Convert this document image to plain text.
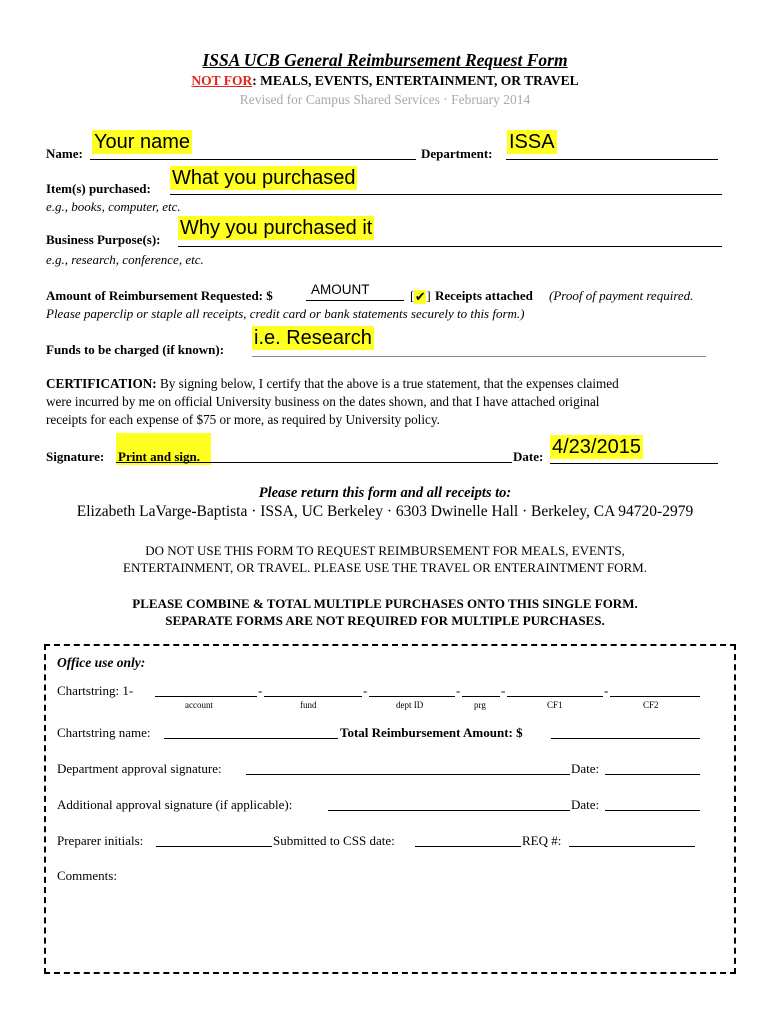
ISSA UCB General Reimbursement Request Form
NOT FOR: MEALS, EVENTS, ENTERTAINMENT, OR TRAVEL
Revised for Campus Shared Services · February 2014
Name:
Your name
Department:
ISSA
Item(s) purchased: What you purchased
e.g., books, computer, etc.
Business Purpose(s):
Why you purchased it
e.g., research, conference, etc.
Amount of Reimbursement Requested: $	AMOUNT	[✔] Receipts attached (Proof of payment required.
Please paperclip or staple all receipts, credit card or bank statements securely to this form.)
Funds to be charged (if known):
i.e. Research
CERTIFICATION: By signing below, I certify that the above is a true statement, that the expenses claimed
were incurred by me on official University business on the dates shown, and that I have attached original
receipts for each expense of $75 or more, as required by University policy.
Signature: Print and sign.	Date: 4/23/2015
Please return this form and all receipts to:
Elizabeth LaVarge-Baptista · ISSA, UC Berkeley · 6303 Dwinelle Hall · Berkeley, CA 94720-2979
DO NOT USE THIS FORM TO REQUEST REIMBURSEMENT FOR MEALS, EVENTS,
ENTERTAINMENT, OR TRAVEL. PLEASE USE THE TRAVEL OR ENTERAINTMENT FORM.
PLEASE COMBINE & TOTAL MULTIPLE PURCHASES ONTO THIS SINGLE FORM.
SEPARATE FORMS ARE NOT REQUIRED FOR MULTIPLE PURCHASES.
Office use only:
Chartstring: 1-	-	-	-	-	-
account	fund	dept ID	prg	CF1	CF2
Chartstring name:	Total Reimbursement Amount: $
Department approval signature:	Date:
Additional approval signature (if applicable):	Date:
Preparer initials:	Submitted to CSS date:	REQ #:
Comments:
